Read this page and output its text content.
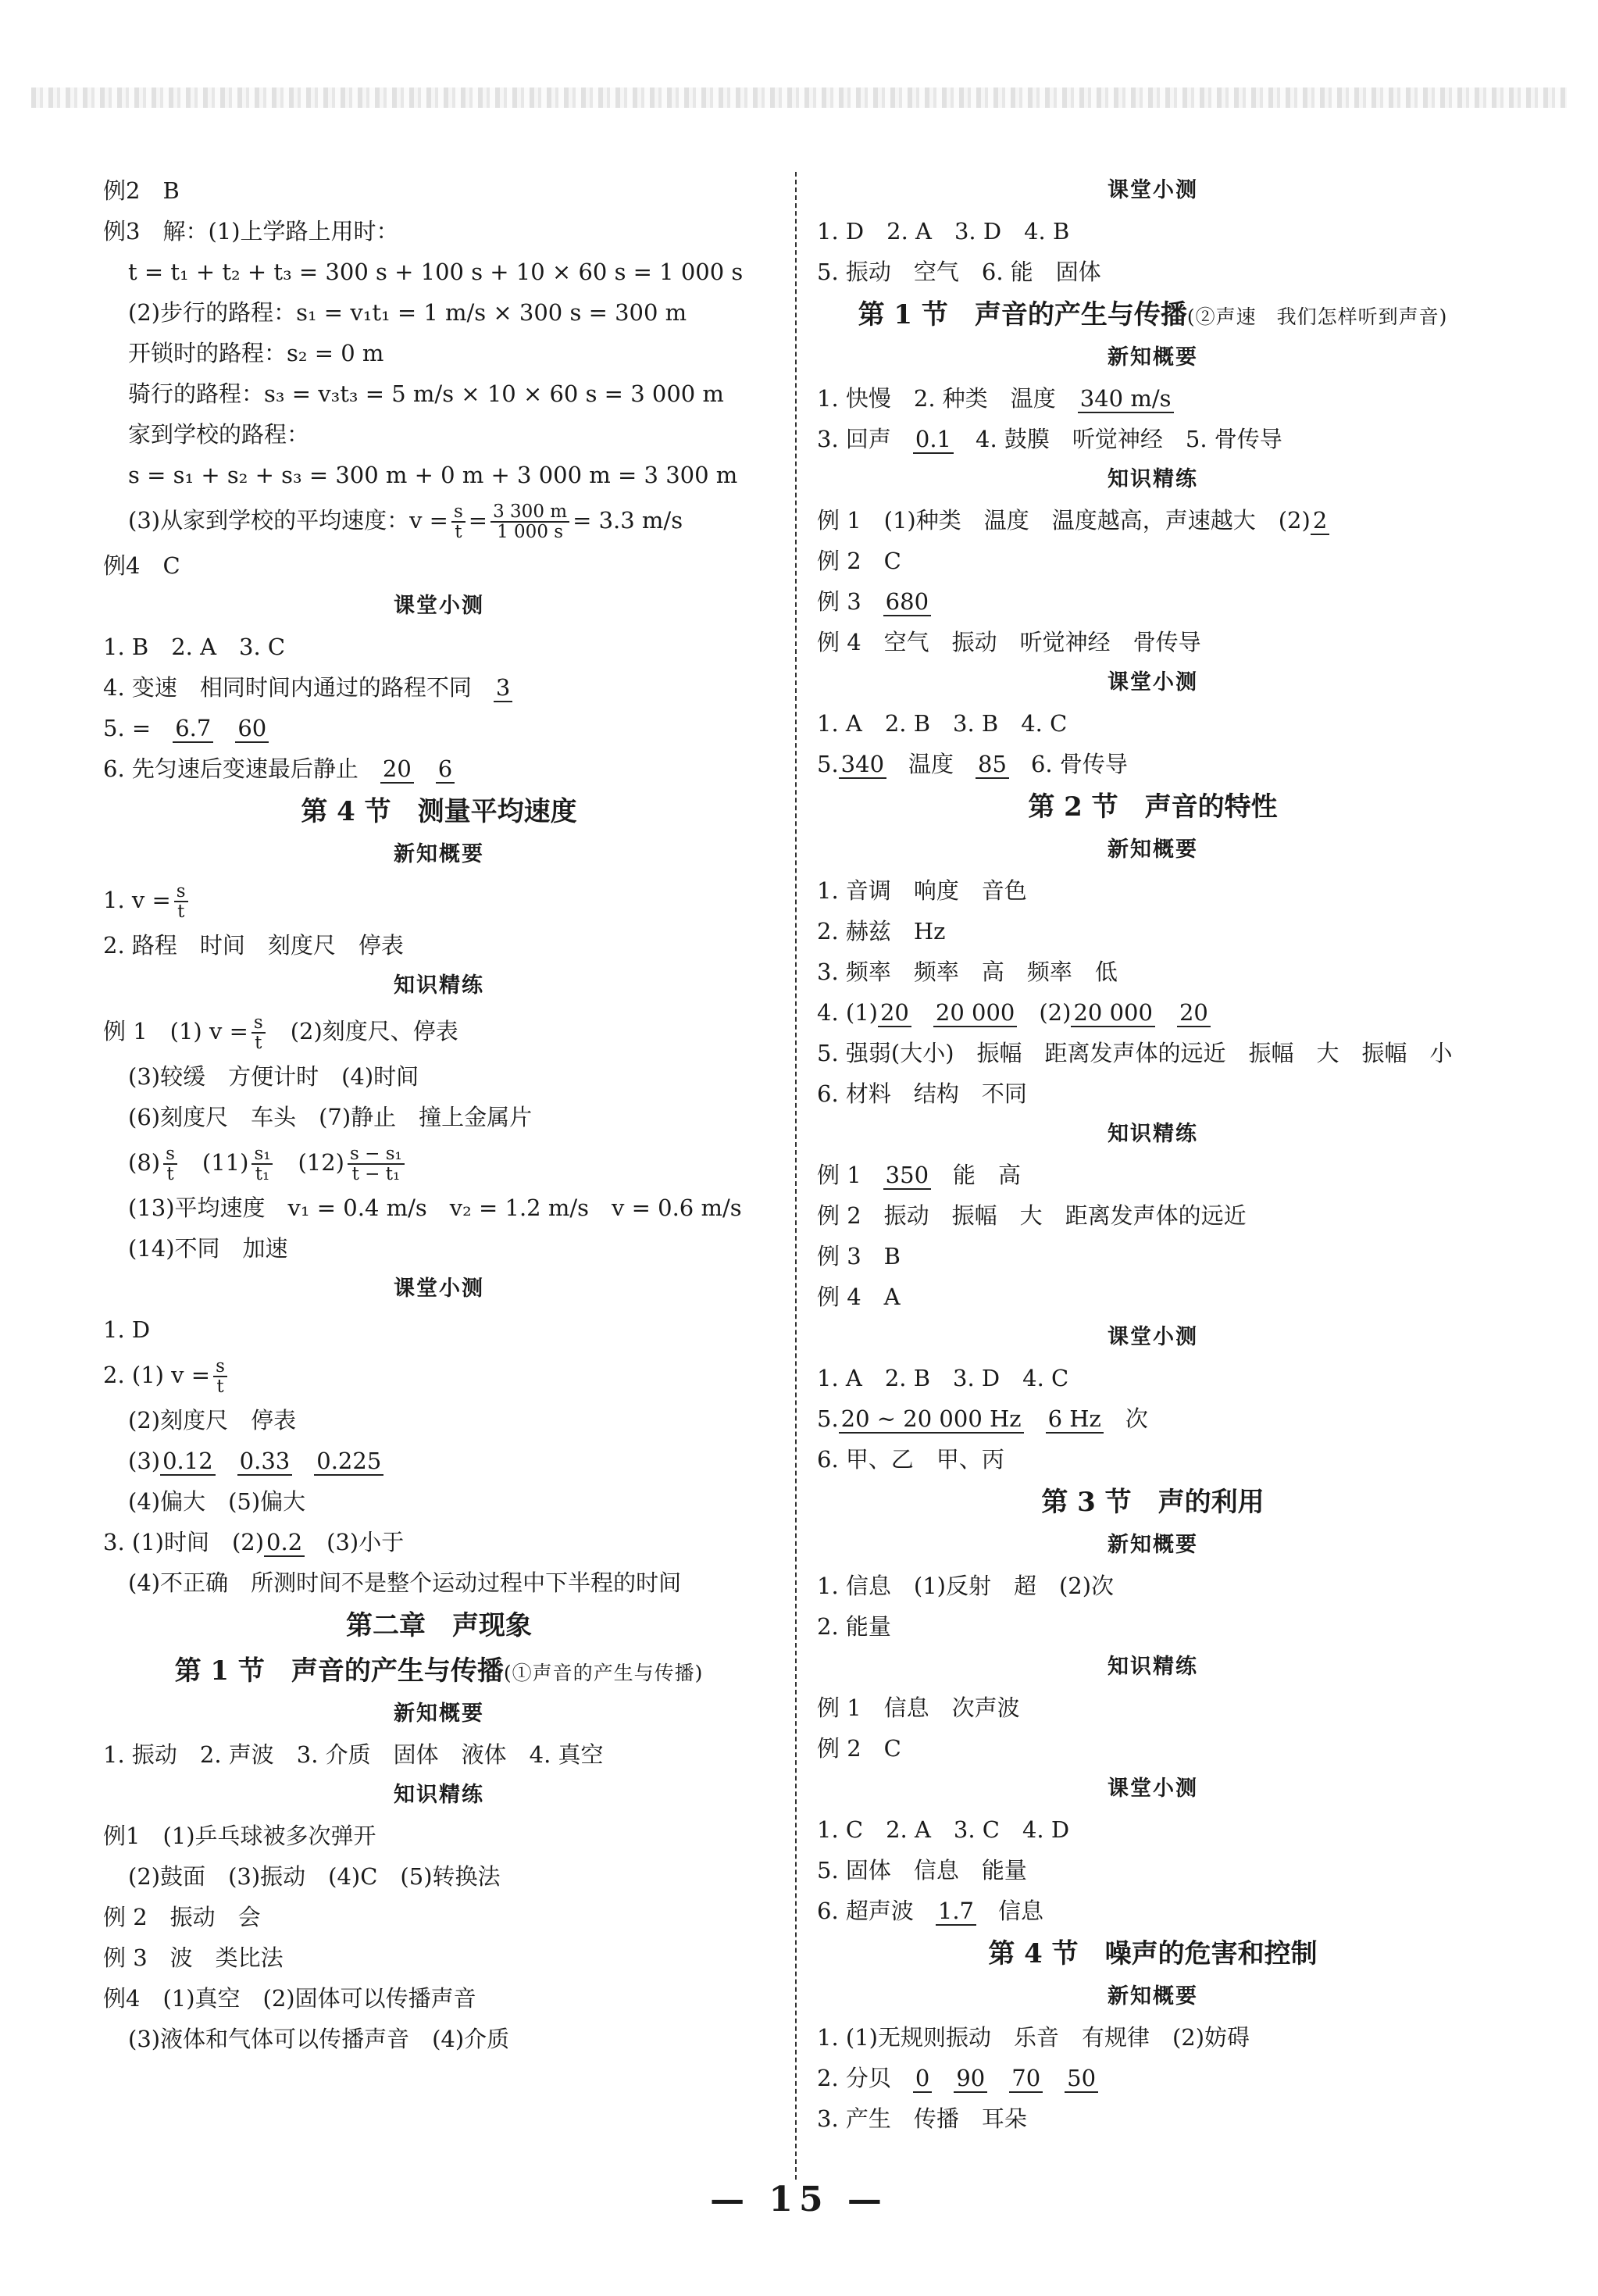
例2　B
例3　解：(1)上学路上用时：
t = t₁ + t₂ + t₃ = 300 s + 100 s + 10 × 60 s = 1 000 s
(2)步行的路程：s₁ = v₁t₁ = 1 m/s × 300 s = 300 m
开锁时的路程：s₂ = 0 m
骑行的路程：s₃ = v₃t₃ = 5 m/s × 10 × 60 s = 3 000 m
家到学校的路程：
s = s₁ + s₂ + s₃ = 300 m + 0 m + 3 000 m = 3 300 m
(3)从家到学校的平均速度：$v = \frac{s}{t} = \frac{3 300 m}{1 000 s} = 3.3$ m/s
例4　C
课堂小测
1. B　2. A　3. C
4. 变速　相同时间内通过的路程不同 3
5. = 6.7 60
6. 先匀速后变速最后静止 20 6
第 4 节　测量平均速度
新知概要
1. $v = \frac{s}{t}$
2. 路程　时间　刻度尺　停表
知识精练
例 1　(1) $v = \frac{s}{t} (2)$刻度尺、停表
(3)较缓　方便计时　(4)时间
(6)刻度尺　车头　(7)静止　撞上金属片
$(8) \frac{s}{t} (11) \frac{\text{s₁}}{\text{t₁}} (12) \frac{\text{s − s₁}}{\text{t − t₁}}$
(13)平均速度　v₁ = 0.4 m/s　v₂ = 1.2 m/s　v = 0.6 m/s
(14)不同　加速
课堂小测
1. D
2. (1) $v = \frac{s}{t}$
(2)刻度尺　停表
(3) 0.12 0.33 0.225
(4)偏大　(5)偏大
3. (1)时间　(2) 0.2 (3)小于
(4)不正确　所测时间不是整个运动过程中下半程的时间
第二章　声现象
第 1 节　声音的产生与传播(①声音的产生与传播)
新知概要
1. 振动　2. 声波　3. 介质　固体　液体　4. 真空
知识精练
例1　(1)乒乓球被多次弹开
(2)鼓面　(3)振动　(4)C　(5)转换法
例 2　振动　会
例 3　波　类比法
例4　(1)真空　(2)固体可以传播声音
(3)液体和气体可以传播声音　(4)介质
课堂小测
1. D　2. A　3. D　4. B
5. 振动　空气　6. 能　固体
第 1 节　声音的产生与传播(②声速　我们怎样听到声音)
新知概要
1. 快慢　2. 种类　温度 340 m/s
3. 回声 0.1 4. 鼓膜　听觉神经　5. 骨传导
知识精练
例 1　(1)种类　温度　温度越高，声速越大　(2) 2
例 2　C
例 3 680
例 4　空气　振动　听觉神经　骨传导
课堂小测
1. A　2. B　3. B　4. C
5. 340 温度 85 6. 骨传导
第 2 节　声音的特性
新知概要
1. 音调　响度　音色
2. 赫兹　Hz
3. 频率　频率　高　频率　低
4. (1) 20 20 000 (2) 20 000 20
5. 强弱(大小)　振幅　距离发声体的远近　振幅　大　振幅　小
6. 材料　结构　不同
知识精练
例 1 350 能　高
例 2　振动　振幅　大　距离发声体的远近
例 3　B
例 4　A
课堂小测
1. A　2. B　3. D　4. C
5. 20 ~ 20 000 Hz 6 Hz 次
6. 甲、乙　甲、丙
第 3 节　声的利用
新知概要
1. 信息　(1)反射　超　(2)次
2. 能量
知识精练
例 1　信息　次声波
例 2　C
课堂小测
1. C　2. A　3. C　4. D
5. 固体　信息　能量
6. 超声波 1.7 信息
第 4 节　噪声的危害和控制
新知概要
1. (1)无规则振动　乐音　有规律　(2)妨碍
2. 分贝 0 90 70 50
3. 产生　传播　耳朵
— 15 —
